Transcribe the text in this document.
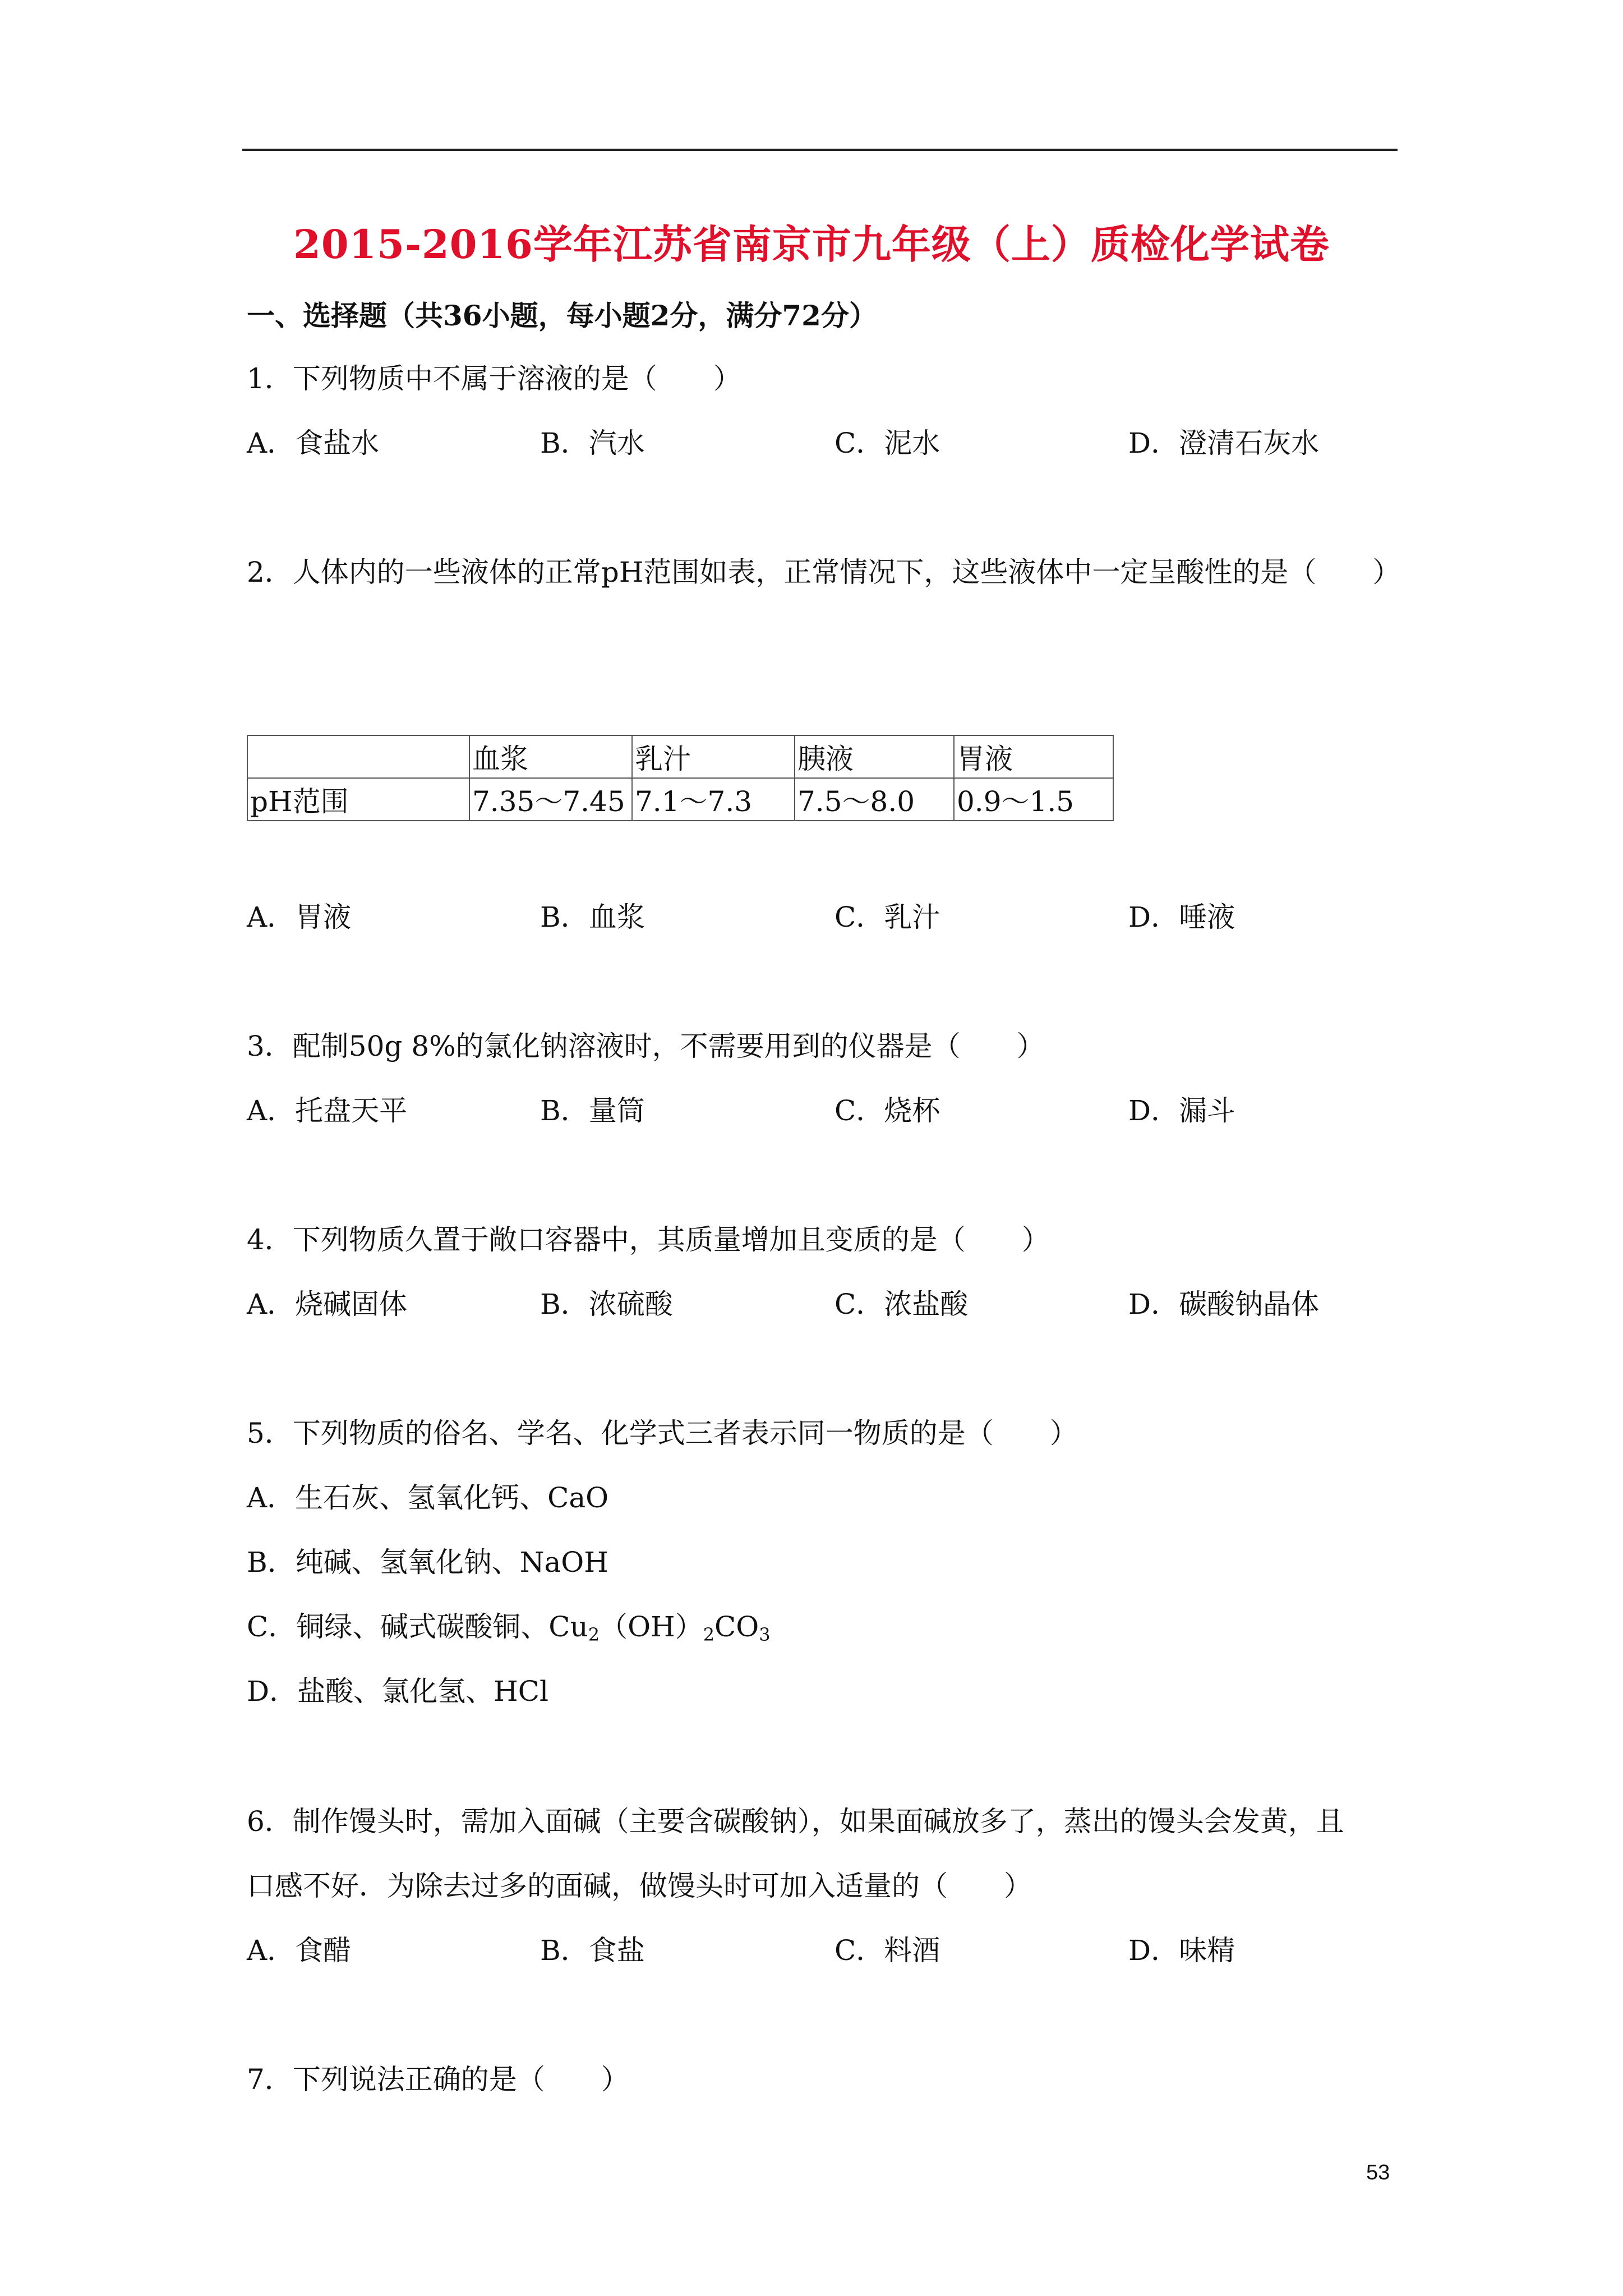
2015-2016学年江苏省南京市九年级（上）质检化学试卷
一、选择题（共36小题，每小题2分，满分72分）
1．下列物质中不属于溶液的是（　　）
A．食盐水	B．汽水	C．泥水	D．澄清石灰水
2．人体内的一些液体的正常pH范围如表，正常情况下，这些液体中一定呈酸性的是（　　）
	血浆	乳汁	胰液	胃液
pH范围	7.35～7.45	7.1～7.3	7.5～8.0	0.9～1.5
A．胃液	B．血浆	C．乳汁	D．唾液
3．配制50g 8%的氯化钠溶液时，不需要用到的仪器是（　　）
A．托盘天平	B．量筒	C．烧杯	D．漏斗
4．下列物质久置于敞口容器中，其质量增加且变质的是（　　）
A．烧碱固体	B．浓硫酸	C．浓盐酸	D．碳酸钠晶体
5．下列物质的俗名、学名、化学式三者表示同一物质的是（　　）
A．生石灰、氢氧化钙、CaO
B．纯碱、氢氧化钠、NaOH
C．铜绿、碱式碳酸铜、$Cu_2(OH)_2CO_3$
D．盐酸、氯化氢、HCl
6．制作馒头时，需加入面碱（主要含碳酸钠），如果面碱放多了，蒸出的馒头会发黄，且
口感不好．为除去过多的面碱，做馒头时可加入适量的（　　）
A．食醋	B．食盐	C．料酒	D．味精
7．下列说法正确的是（　　）
53
